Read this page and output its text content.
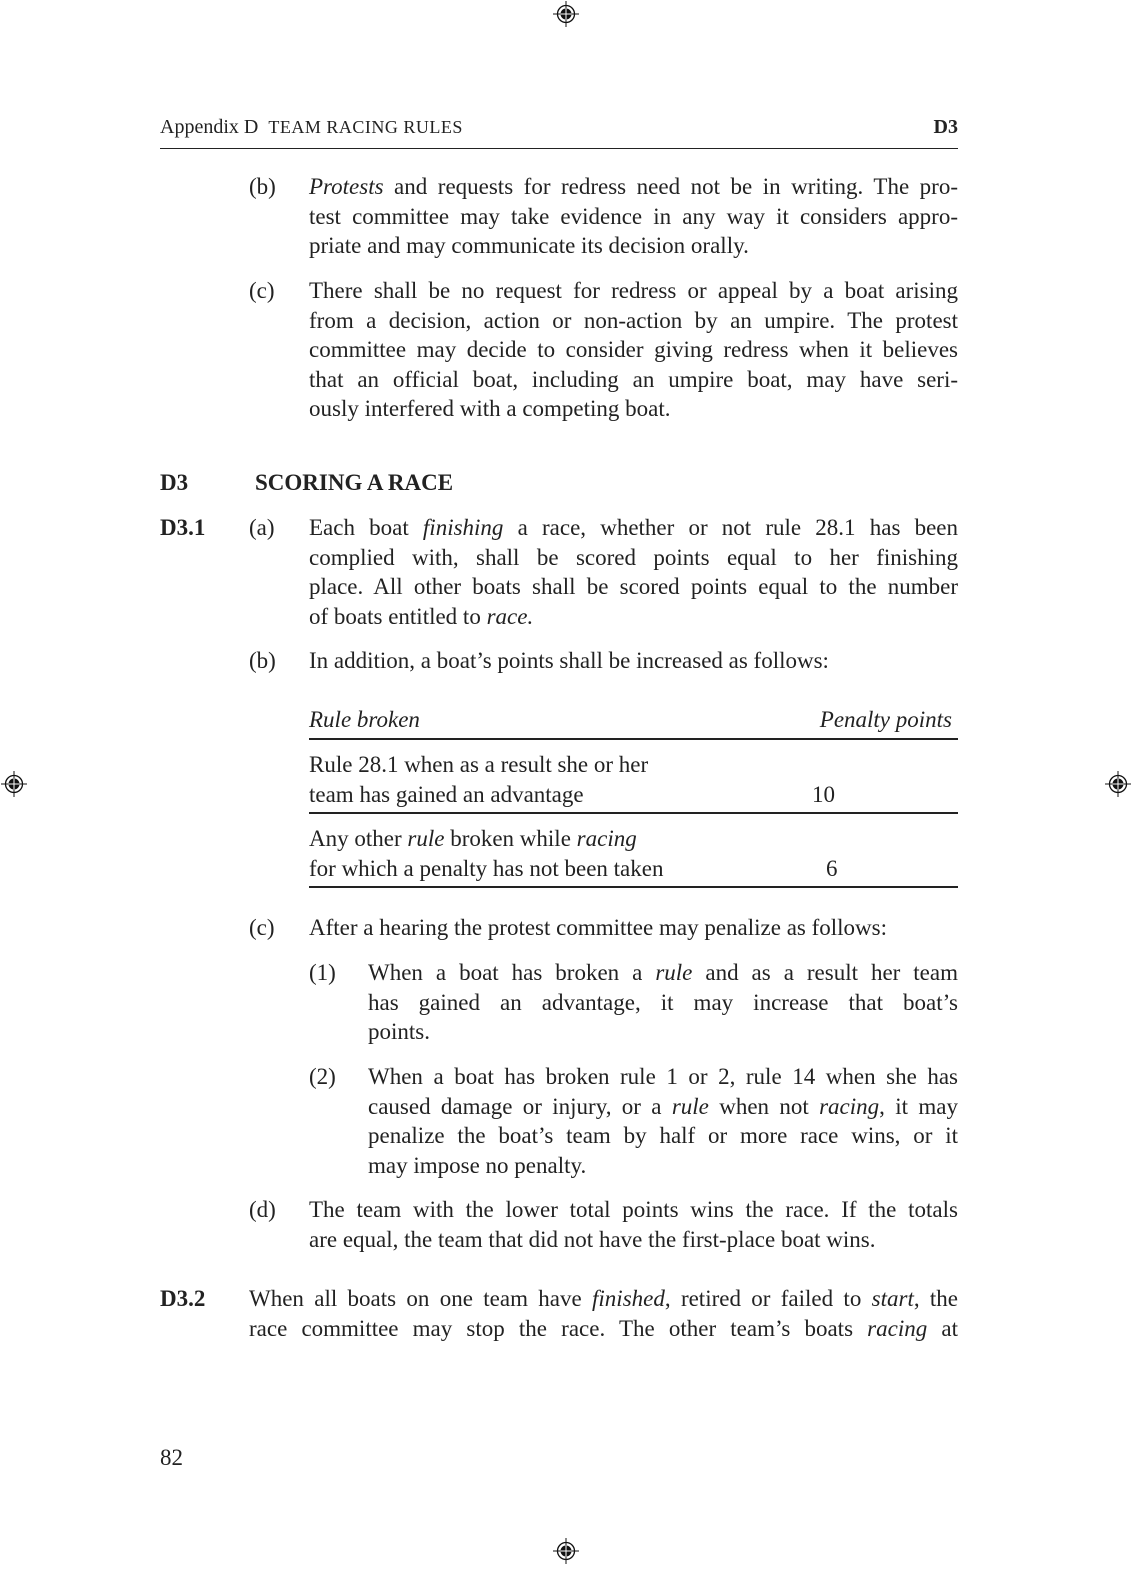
Appendix D TEAM RACING RULES	D3
(b) Protests and requests for redress need not be in writing. The pro-
test committee may take evidence in any way it considers appro-
priate and may communicate its decision orally.
(c) There shall be no request for redress or appeal by a boat arising
from a decision, action or non-action by an umpire. The protest
committee may decide to consider giving redress when it believes
that an official boat, including an umpire boat, may have seri-
ously interfered with a competing boat.
D3	SCORING A RACE
D3.1 (a) Each boat finishing a race, whether or not rule 28.1 has been
complied with, shall be scored points equal to her finishing
place. All other boats shall be scored points equal to the number
of boats entitled to race.
(b) In addition, a boat’s points shall be increased as follows:
Rule broken	Penalty points
Rule 28.1 when as a result she or her
team has gained an advantage	10
Any other rule broken while racing
for which a penalty has not been taken	6
(c) After a hearing the protest committee may penalize as follows:
(1) When a boat has broken a rule and as a result her team
has gained an advantage, it may increase that boat’s
points.
(2) When a boat has broken rule 1 or 2, rule 14 when she has
caused damage or injury, or a rule when not racing, it may
penalize the boat’s team by half or more race wins, or it
may impose no penalty.
(d) The team with the lower total points wins the race. If the totals
are equal, the team that did not have the first-place boat wins.
D3.2 When all boats on one team have finished, retired or failed to start, the
race committee may stop the race. The other team’s boats racing at
82
